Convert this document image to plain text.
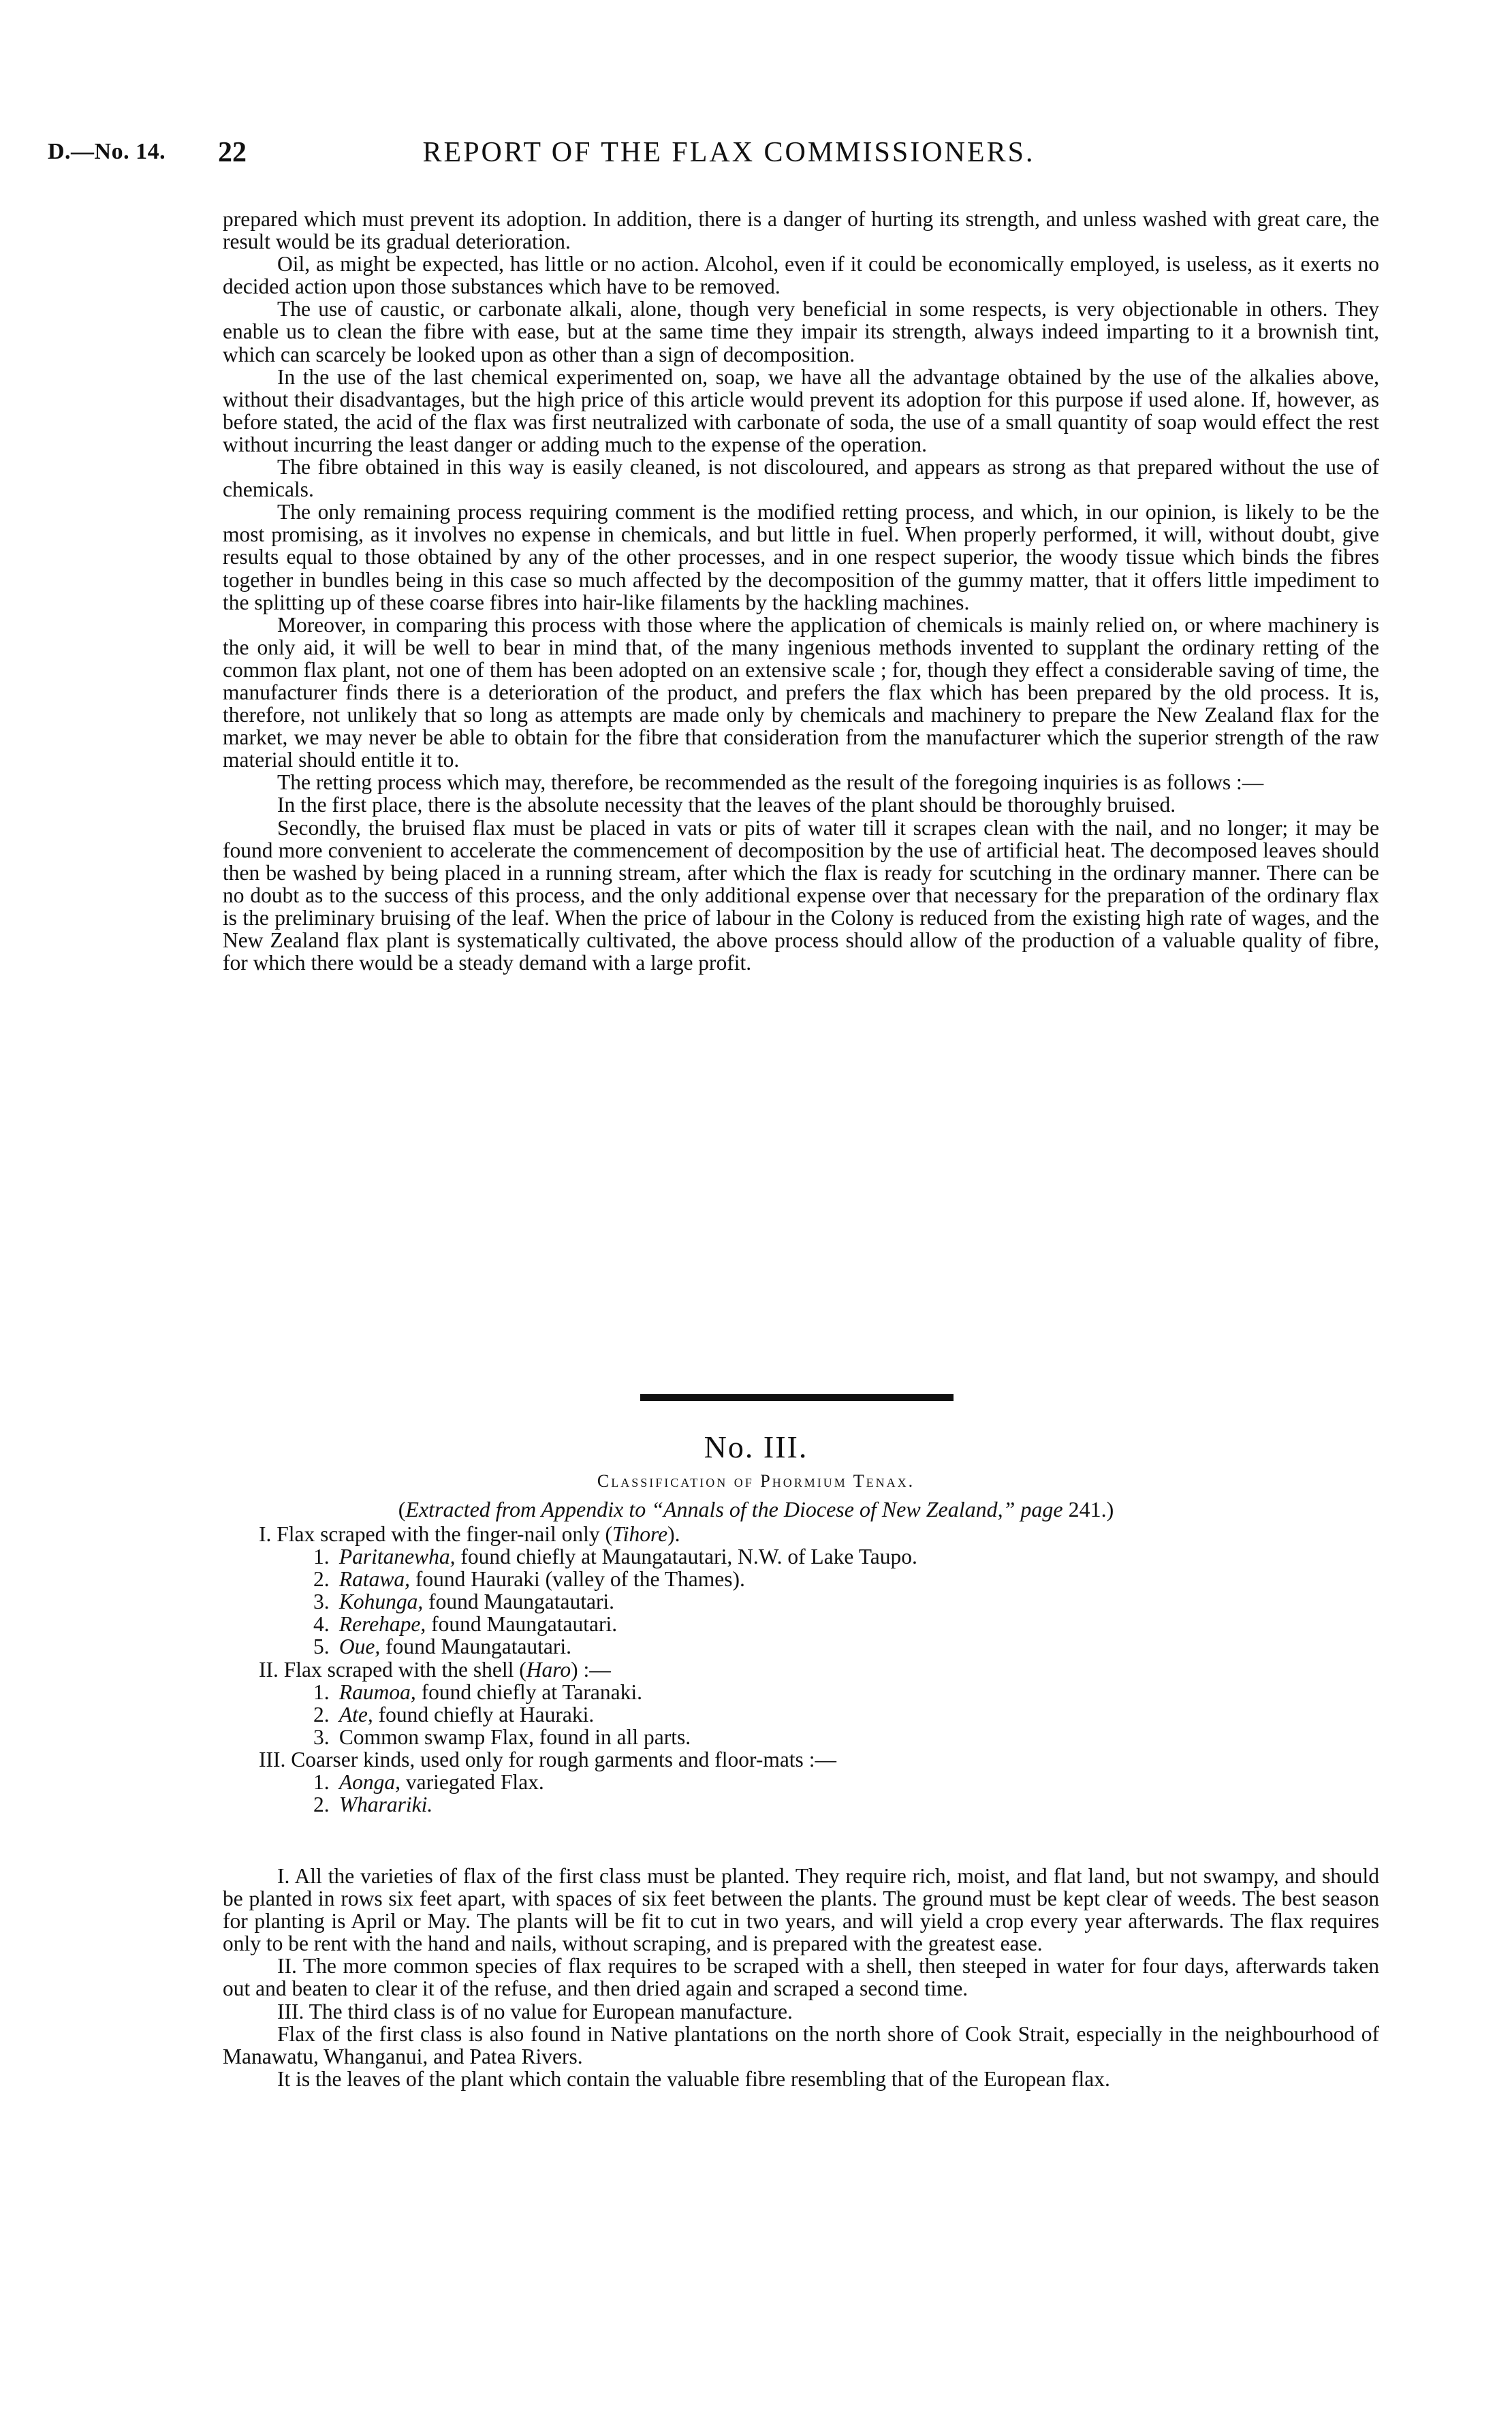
D.—No. 14. 22	REPORT OF THE FLAX COMMISSIONERS.

prepared which must prevent its adoption. In addition, there is a danger of hurting its strength, and unless washed with great care, the result would be its gradual deterioration.

Oil, as might be expected, has little or no action. Alcohol, even if it could be economically employed, is useless, as it exerts no decided action upon those substances which have to be removed.

The use of caustic, or carbonate alkali, alone, though very beneficial in some respects, is very objectionable in others. They enable us to clean the fibre with ease, but at the same time they impair its strength, always indeed imparting to it a brownish tint, which can scarcely be looked upon as other than a sign of decomposition.

In the use of the last chemical experimented on, soap, we have all the advantage obtained by the use of the alkalies above, without their disadvantages, but the high price of this article would prevent its adoption for this purpose if used alone. If, however, as before stated, the acid of the flax was first neutralized with carbonate of soda, the use of a small quantity of soap would effect the rest without incurring the least danger or adding much to the expense of the operation.

The fibre obtained in this way is easily cleaned, is not discoloured, and appears as strong as that prepared without the use of chemicals.

The only remaining process requiring comment is the modified retting process, and which, in our opinion, is likely to be the most promising, as it involves no expense in chemicals, and but little in fuel. When properly performed, it will, without doubt, give results equal to those obtained by any of the other processes, and in one respect superior, the woody tissue which binds the fibres together in bundles being in this case so much affected by the decomposition of the gummy matter, that it offers little impediment to the splitting up of these coarse fibres into hair-like filaments by the hackling machines.

Moreover, in comparing this process with those where the application of chemicals is mainly relied on, or where machinery is the only aid, it will be well to bear in mind that, of the many ingenious methods invented to supplant the ordinary retting of the common flax plant, not one of them has been adopted on an extensive scale ; for, though they effect a considerable saving of time, the manufacturer finds there is a deterioration of the product, and prefers the flax which has been prepared by the old process. It is, therefore, not unlikely that so long as attempts are made only by chemicals and machinery to prepare the New Zealand flax for the market, we may never be able to obtain for the fibre that consideration from the manufacturer which the superior strength of the raw material should entitle it to.

The retting process which may, therefore, be recommended as the result of the foregoing inquiries is as follows :—

In the first place, there is the absolute necessity that the leaves of the plant should be thoroughly bruised.

Secondly, the bruised flax must be placed in vats or pits of water till it scrapes clean with the nail, and no longer; it may be found more convenient to accelerate the commencement of decomposition by the use of artificial heat. The decomposed leaves should then be washed by being placed in a running stream, after which the flax is ready for scutching in the ordinary manner. There can be no doubt as to the success of this process, and the only additional expense over that necessary for the preparation of the ordinary flax is the preliminary bruising of the leaf. When the price of labour in the Colony is reduced from the existing high rate of wages, and the New Zealand flax plant is systematically cultivated, the above process should allow of the production of a valuable quality of fibre, for which there would be a steady demand with a large profit.

No. III.
Classification of Phormium Tenax.
(Extracted from Appendix to “Annals of the Diocese of New Zealand,” page 241.)

I. Flax scraped with the finger-nail only (Tihore).

1. Paritanewha, found chiefly at Maungatautari, N.W. of Lake Taupo.

2. Ratawa, found Hauraki (valley of the Thames).

3. Kohunga, found Maungatautari.

4. Rerehape, found Maungatautari.

5. Oue, found Maungatautari.

II. Flax scraped with the shell (Haro) :—

1. Raumoa, found chiefly at Taranaki.

2. Ate, found chiefly at Hauraki.

3. Common swamp Flax, found in all parts.

III. Coarser kinds, used only for rough garments and floor-mats :—

1. Aonga, variegated Flax.

2. Wharariki.

I. All the varieties of flax of the first class must be planted. They require rich, moist, and flat land, but not swampy, and should be planted in rows six feet apart, with spaces of six feet between the plants. The ground must be kept clear of weeds. The best season for planting is April or May. The plants will be fit to cut in two years, and will yield a crop every year afterwards. The flax requires only to be rent with the hand and nails, without scraping, and is prepared with the greatest ease.

II. The more common species of flax requires to be scraped with a shell, then steeped in water for four days, afterwards taken out and beaten to clear it of the refuse, and then dried again and scraped a second time.

III. The third class is of no value for European manufacture.

Flax of the first class is also found in Native plantations on the north shore of Cook Strait, especially in the neighbourhood of Manawatu, Whanganui, and Patea Rivers.

It is the leaves of the plant which contain the valuable fibre resembling that of the European flax.
